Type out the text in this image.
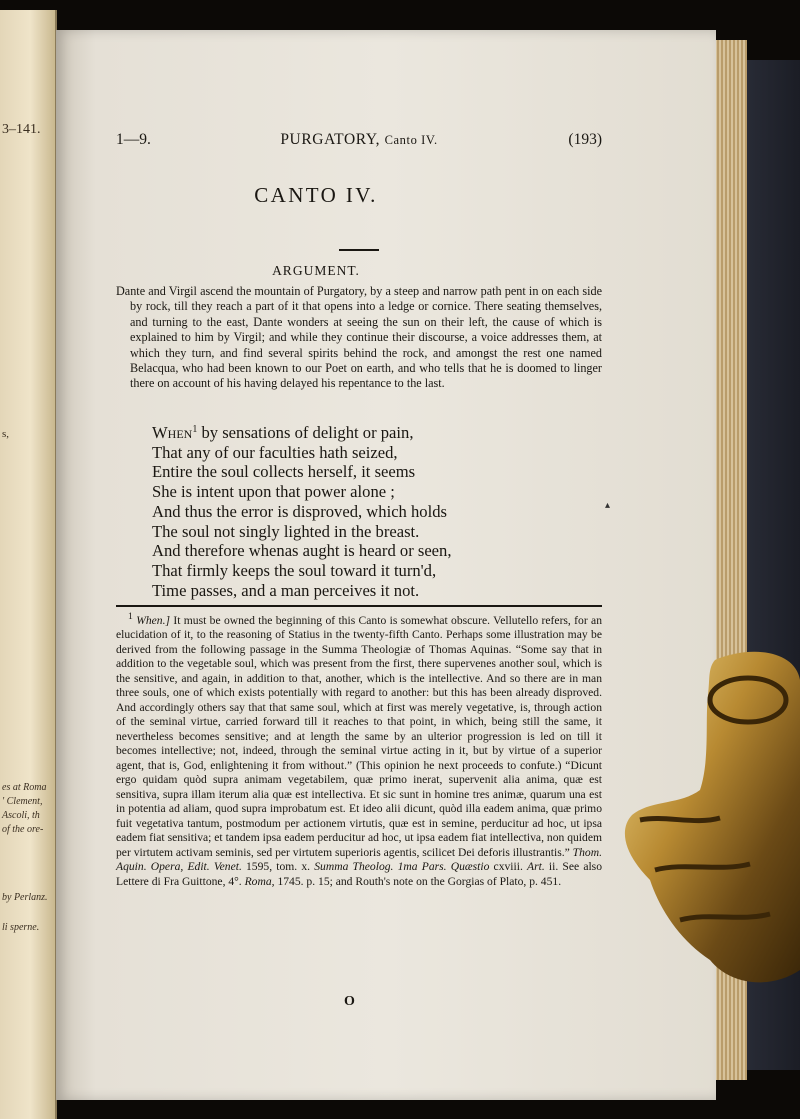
3–141.
s,
es at Roma
' Clement,
Ascoli, th
of the ore-
by Perlanz.
li sperne.
1—9.	PURGATORY, Canto IV.	(193)
CANTO IV.
ARGUMENT.

Dante and Virgil ascend the mountain of Purgatory, by a steep and narrow path pent in on each side by rock, till they reach a part of it that opens into a ledge or cornice. There seating themselves, and turning to the east, Dante wonders at seeing the sun on their left, the cause of which is explained to him by Virgil; and while they continue their discourse, a voice addresses them, at which they turn, and find several spirits behind the rock, and amongst the rest one named Belacqua, who had been known to our Poet on earth, and who tells that he is doomed to linger there on account of his having delayed his repentance to the last.

When$^1$ by sensations of delight or pain,
That any of our faculties hath seized,
Entire the soul collects herself, it seems
She is intent upon that power alone ;
And thus the error is disproved, which holds
The soul not singly lighted in the breast.
And therefore whenas aught is heard or seen,
That firmly keeps the soul toward it turn'd,
Time passes, and a man perceives it not.
▴

$^1$ When.] It must be owned the beginning of this Canto is somewhat obscure. Vellutello refers, for an elucidation of it, to the reasoning of Statius in the twenty-fifth Canto. Perhaps some illustration may be derived from the following passage in the Summa Theologiæ of Thomas Aquinas. “Some say that in addition to the vegetable soul, which was present from the first, there supervenes another soul, which is the sensitive, and again, in addition to that, another, which is the intellective. And so there are in man three souls, one of which exists potentially with regard to another: but this has been already disproved. And accordingly others say that that same soul, which at first was merely vegetative, is, through action of the seminal virtue, carried forward till it reaches to that point, in which, being still the same, it nevertheless becomes sensitive; and at length the same by an ulterior progression is led on till it becomes intellective; not, indeed, through the seminal virtue acting in it, but by virtue of a superior agent, that is, God, enlightening it from without.” (This opinion he next proceeds to confute.) “Dicunt ergo quidam quòd supra animam vegetabilem, quæ primo inerat, supervenit alia anima, quæ est sensitiva, supra illam iterum alia quæ est intellectiva. Et sic sunt in homine tres animæ, quarum una est in potentia ad aliam, quod supra improbatum est. Et ideo alii dicunt, quòd illa eadem anima, quæ primo fuit vegetativa tantum, postmodum per actionem virtutis, quæ est in semine, perducitur ad hoc, ut ipsa eadem fiat sensitiva; et tandem ipsa eadem perducitur ad hoc, ut ipsa eadem fiat intellectiva, non quidem per virtutem activam seminis, sed per virtutem superioris agentis, scilicet Dei deforis illustrantis.” Thom. Aquin. Opera, Edit. Venet. 1595, tom. x. Summa Theolog. 1ma Pars. Quæstio cxviii. Art. ii. See also Lettere di Fra Guittone, 4°. Roma, 1745. p. 15; and Routh's note on the Gorgias of Plato, p. 451.

O
